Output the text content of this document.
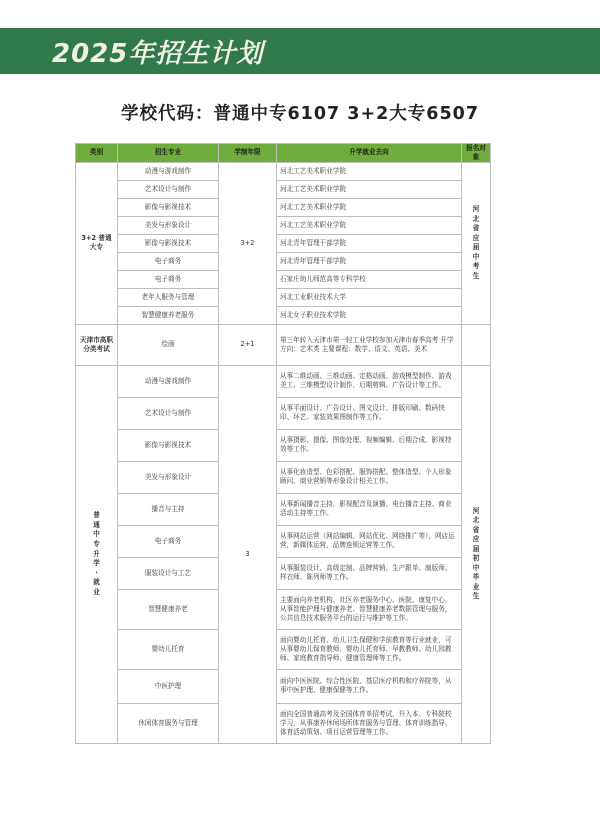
2025年招生计划
学校代码：普通中专6107 3+2大专6507
类别	招生专业	学制年限	升学就业去向	报名对象
3+2 普通大专	动漫与游戏制作	3+2	河北工艺美术职业学院	河北省应届中考生
	艺术设计与制作		河北工艺美术职业学院	
	影像与影视技术		河北工艺美术职业学院	
	美发与形象设计		河北工艺美术职业学院	
	影像与影视技术		河北青年管理干部学院	
	电子商务		河北青年管理干部学院	
	电子商务		石家庄幼儿师范高等专科学校	
	老年人服务与管理		河北工业职业技术大学	
	智慧健康养老服务		河北女子职业技术学院	
天津市高职分类考试	绘画	2+1	第三年转入天津市第一轻工业学校参加天津市春季高考 升学方向：艺术类 主要课程：数学、语文、英语、美术	
普通中专升学·就业	动漫与游戏制作	3	从事二维动画、三维动画、定格动画、游戏模型制作、游戏美工、三维模型设计制作、后期剪辑、广告设计等工作。	河北省应届初中毕业生
	艺术设计与制作		从事平面设计、广告设计、图文设计、排版印刷、数码快印、环艺、家装效果图制作等工作。	
	影像与影视技术		从事摄影、摄像、图像处理、视频编辑、后期合成、影视特效等工作。	
	美发与形象设计		从事化妆造型、色彩搭配、服饰搭配、整体造型、个人形象顾问、商业营销等形象设计相关工作。	
	播音与主持		从事新闻播音主持，影视配音及演播、电台播音主持、商业活动主持等工作。	
	电子商务		从事网站运营（网站编辑、网站优化、网络推广等），网店运营，新媒体运营，品牌连锁运营等工作。	
	服装设计与工艺		从事服装设计、高级定制、品牌营销、生产跟单、制版师、样衣师、陈列师等工作。	
	智慧健康养老		主要面向养老机构、社区养老服务中心、医院、康复中心，从事智能护理与健康养老、智慧健康养老数据管理与服务，公共信息技术服务平台的运行与维护等工作。	
	婴幼儿托育		面向婴幼儿托育、幼儿卫生保健和学前教育等行业就业，可从事婴幼儿保育教师、婴幼儿托育师、早教教师、幼儿园教师、家庭教育指导师、健康管理师等工作。	
	中医护理		面向中医医院、综合性医院、基层医疗机构和疗养院等，从事中医护理、健康保健等工作。	
	休闲体育服务与管理		面向全国普通高考及全国体育单招考试，升入本、专科院校学习，从事康养休闲场所体育服务与管理、体育训练指导、体育活动策划、项目运营管理等工作。	
